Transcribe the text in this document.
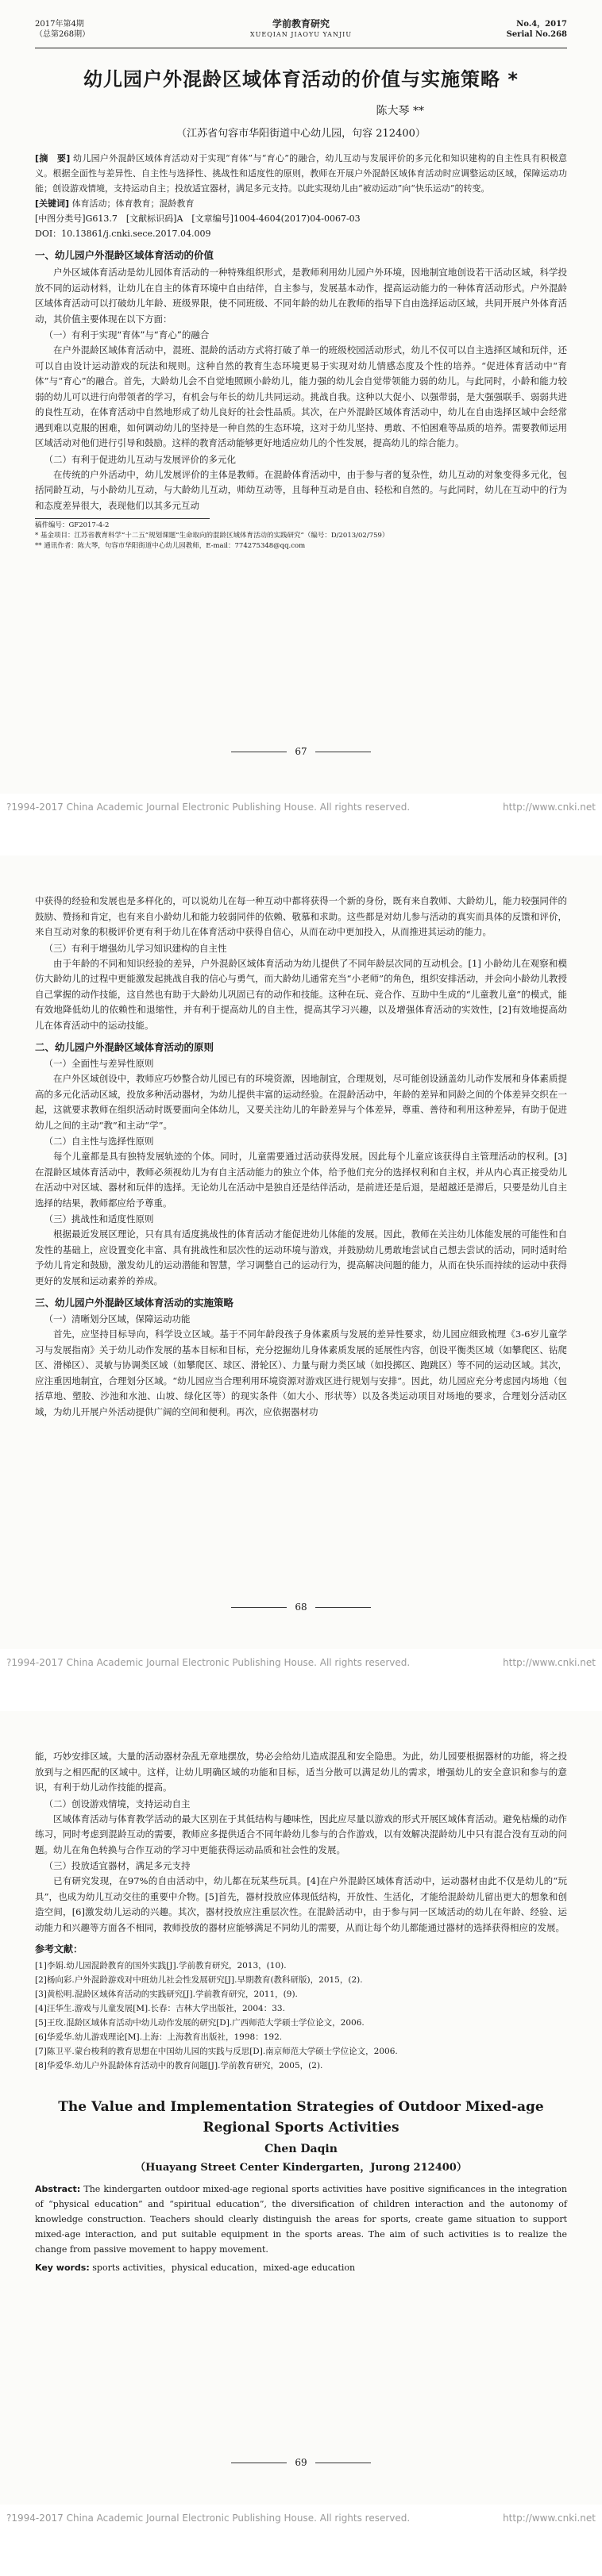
2017年第4期
（总第268期）
学前教育研究
XUEQIAN JIAOYU YANJIU
No.4，2017
Serial No.268
幼儿园户外混龄区域体育活动的价值与实施策略 *
陈大琴 **
（江苏省句容市华阳街道中心幼儿园，句容 212400）
[摘　要] 幼儿园户外混龄区域体育活动对于实现“育体”与“育心”的融合，幼儿互动与发展评价的多元化和知识建构的自主性具有积极意义。根据全面性与差异性、自主性与选择性、挑战性和适度性的原则，教师在开展户外混龄区域体育活动时应调整运动区域，保障运动功能；创设游戏情境，支持运动自主；投放适宜器材，满足多元支持。以此实现幼儿由“被动运动”向“快乐运动”的转变。
[关键词] 体育活动；体育教育；混龄教育
[中图分类号]G613.7　[文献标识码]A　[文章编号]1004-4604(2017)04-0067-03
DOI：10.13861/j.cnki.sece.2017.04.009
一、幼儿园户外混龄区域体育活动的价值

户外区域体育活动是幼儿园体育活动的一种特殊组织形式，是教师利用幼儿园户外环境，因地制宜地创设若干活动区域，科学投放不同的运动材料，让幼儿在自主的体育环境中自由结伴，自主参与，发展基本动作，提高运动能力的一种体育活动形式。户外混龄区域体育活动可以打破幼儿年龄、班级界限，使不同班级、不同年龄的幼儿在教师的指导下自由选择运动区域，共同开展户外体育活动，其价值主要体现在以下方面：

（一）有利于实现“育体”与“育心”的融合

在户外混龄区域体育活动中，混班、混龄的活动方式将打破了单一的班级校园活动形式，幼儿不仅可以自主选择区域和玩伴，还可以自由设计运动游戏的玩法和规则。这种自然的教育生态环境更易于实现对幼儿情感态度及个性的培养。“促进体育活动中“育体”与“育心”的融合。首先，大龄幼儿会不自觉地照顾小龄幼儿，能力强的幼儿会自觉带领能力弱的幼儿。与此同时，小龄和能力较弱的幼儿可以进行向带领者的学习，有机会与年长的幼儿共同运动。挑战自我。这种以大促小、以强带弱，是大强强联手、弱弱共进的良性互动，在体育活动中自然地形成了幼儿良好的社会性品质。其次，在户外混龄区域体育活动中，幼儿在自由选择区域中会经常遇到难以克服的困难，如何调动幼儿的坚持是一种自然的生态环境，这对于幼儿坚持、勇敢、不怕困难等品质的培养。需要教师运用区域活动对他们进行引导和鼓励。这样的教育活动能够更好地适应幼儿的个性发展，提高幼儿的综合能力。

（二）有利于促进幼儿互动与发展评价的多元化

在传统的户外活动中，幼儿发展评价的主体是教师。在混龄体育活动中，由于参与者的复杂性，幼儿互动的对象变得多元化，包括同龄互动，与小龄幼儿互动，与大龄幼儿互动，师幼互动等，且每种互动是自由、轻松和自然的。与此同时，幼儿在互动中的行为和态度差异很大，表现他们以其多元互动

稿件编号：GF2017-4-2
* 基金项目：江苏省教育科学“十二五”规划课题“生命取向的混龄区域体育活动的实践研究”（编号：D/2013/02/759）
** 通讯作者：陈大琴，句容市华阳街道中心幼儿园教师，E-mail：774275348@qq.com
67
?1994-2017 China Academic Journal Electronic Publishing House. All rights reserved.	http://www.cnki.net

中获得的经验和发展也是多样化的，可以说幼儿在每一种互动中都将获得一个新的身份，既有来自教师、大龄幼儿，能力较强同伴的鼓励、赞扬和肯定，也有来自小龄幼儿和能力较弱同伴的依赖、敬慕和求助。这些都是对幼儿参与活动的真实而具体的反馈和评价，来自互动对象的积极评价更有利于幼儿在体育活动中获得自信心，从而在动中更加投入，从而推进其运动的能力。

（三）有利于增强幼儿学习知识建构的自主性

由于年龄的不同和知识经验的差异，户外混龄区域体育活动为幼儿提供了不同年龄层次同的互动机会。[1] 小龄幼儿在观察和模仿大龄幼儿的过程中更能激发起挑战自我的信心与勇气，而大龄幼儿通常充当“小老师”的角色，组织安排活动，并会向小龄幼儿教授自己掌握的动作技能，这自然也有助于大龄幼儿巩固已有的动作和技能。这种在玩、竞合作、互助中生成的“儿童教儿童”的模式，能有效地降低幼儿的依赖性和退缩性，并有利于提高幼儿的自主性，提高其学习兴趣，以及增强体育活动的实效性，[2]有效地提高幼儿在体育活动中的运动技能。

二、幼儿园户外混龄区域体育活动的原则
（一）全面性与差异性原则

在户外区域创设中，教师应巧妙整合幼儿园已有的环境资源，因地制宜，合理规划，尽可能创设涵盖幼儿动作发展和身体素质提高的多元化活动区域，投放多种活动器材，为幼儿提供丰富的运动经验。在混龄活动中，年龄的差异和同龄之间的个体差异交织在一起，这就要求教师在组织活动时既要面向全体幼儿，又要关注幼儿的年龄差异与个体差异，尊重、善待和利用这种差异，有助于促进幼儿之间的主动“教”和主动“学”。

（二）自主性与选择性原则

每个儿童都是具有独特发展轨迹的个体。同时，儿童需要通过活动获得发展。因此每个儿童应该获得自主管理活动的权利。[3] 在混龄区域体育活动中，教师必须视幼儿为有自主活动能力的独立个体，给予他们充分的选择权利和自主权，并从内心真正接受幼儿在活动中对区域、器材和玩伴的选择。无论幼儿在活动中是独自还是结伴活动，是前进还是后退，是超越还是滞后，只要是幼儿自主选择的结果，教师都应给予尊重。

（三）挑战性和适度性原则

根据最近发展区理论，只有具有适度挑战性的体育活动才能促进幼儿体能的发展。因此，教师在关注幼儿体能发展的可能性和自发性的基础上，应设置变化丰富、具有挑战性和层次性的运动环境与游戏，并鼓励幼儿勇敢地尝试自己想去尝试的活动，同时适时给予幼儿肯定和鼓励，激发幼儿的运动潜能和智慧，学习调整自己的运动行为，提高解决问题的能力，从而在快乐而持续的运动中获得更好的发展和运动素养的养成。

三、幼儿园户外混龄区域体育活动的实施策略
（一）清晰划分区域，保障运动功能

首先，应坚持目标导向，科学设立区域。基于不同年龄段孩子身体素质与发展的差异性要求，幼儿园应细致梳理《3-6岁儿童学习与发展指南》关于幼儿动作发展的基本目标和目标，充分挖掘幼儿身体素质发展的延展性内容，创设平衡类区域（如攀爬区、钻爬区、滑梯区）、灵敏与协调类区域（如攀爬区、球区、滑轮区）、力量与耐力类区域（如投掷区、跑跳区）等不同的运动区域。其次，应注重因地制宜，合理划分区域。“幼儿园应当合理利用环境资源对游戏区进行规划与安排”。因此，幼儿园应充分考虑园内场地（包括草地、塑胶、沙池和水池、山坡、绿化区等）的现实条件（如大小、形状等）以及各类运动项目对场地的要求，合理划分活动区域，为幼儿开展户外活动提供广阔的空间和便利。再次，应依据器材功

68
?1994-2017 China Academic Journal Electronic Publishing House. All rights reserved.	http://www.cnki.net

能，巧妙安排区域。大量的活动器材杂乱无章地摆放，势必会给幼儿造成混乱和安全隐患。为此，幼儿园要根据器材的功能，将之投放到与之相匹配的区域中。这样，让幼儿明确区域的功能和目标，适当分散可以满足幼儿的需求，增强幼儿的安全意识和参与的意识，有利于幼儿动作技能的提高。

（二）创设游戏情境，支持运动自主

区域体育活动与体育教学活动的最大区别在于其低结构与趣味性，因此应尽量以游戏的形式开展区域体育活动。避免枯燥的动作练习，同时考虑到混龄互动的需要，教师应多提供适合不同年龄幼儿参与的合作游戏，以有效解决混龄幼儿中只有混合没有互动的问题。幼儿在角色转换与合作互动的学习中更能获得运动品质和社会性的发展。

（三）投放适宜器材，满足多元支持

已有研究发现，在97%的自由活动中，幼儿都在玩某些玩具。[4]在户外混龄区域体育活动中，运动器材由此不仅是幼儿的“玩具”，也成为幼儿互动交往的重要中介物。[5]首先，器材投放应体现低结构，开放性、生活化，才能给混龄幼儿留出更大的想象和创造空间，[6]激发幼儿运动的兴趣。其次，器材投放应注重层次性。在混龄活动中，由于参与同一区域活动的幼儿在年龄、经验、运动能力和兴趣等方面各不相同，教师投放的器材应能够满足不同幼儿的需要，从而让每个幼儿都能通过器材的选择获得相应的发展。

参考文献：
[1]李娟.幼儿园混龄教育的国外实践[J].学前教育研究，2013，(10).
[2]杨向彩.户外混龄游戏对中班幼儿社会性发展研究[J].早期教育(教科研版)，2015，(2).
[3]黄松明.混龄区域体育活动的实践研究[J].学前教育研究，2011，(9).
[4]汪华生.游戏与儿童发展[M].长春：吉林大学出版社，2004：33.
[5]王玫.混龄区域体育活动中幼儿动作发展的研究[D].广西师范大学硕士学位论文，2006.
[6]华爱华.幼儿游戏理论[M].上海：上海教育出版社，1998：192.
[7]陈卫平.蒙台梭利的教育思想在中国幼儿园的实践与反思[D].南京师范大学硕士学位论文，2006.
[8]华爱华.幼儿户外混龄体育活动中的教育问题[J].学前教育研究，2005，(2).
The Value and Implementation Strategies of Outdoor Mixed-age Regional Sports Activities
Chen Daqin
（Huayang Street Center Kindergarten，Jurong 212400）
Abstract: The kindergarten outdoor mixed-age regional sports activities have positive significances in the integration of “physical education” and “spiritual education”, the diversification of children interaction and the autonomy of knowledge construction. Teachers should clearly distinguish the areas for sports, create game situation to support mixed-age interaction, and put suitable equipment in the sports areas. The aim of such activities is to realize the change from passive movement to happy movement.
Key words: sports activities，physical education，mixed-age education
69
?1994-2017 China Academic Journal Electronic Publishing House. All rights reserved.	http://www.cnki.net
